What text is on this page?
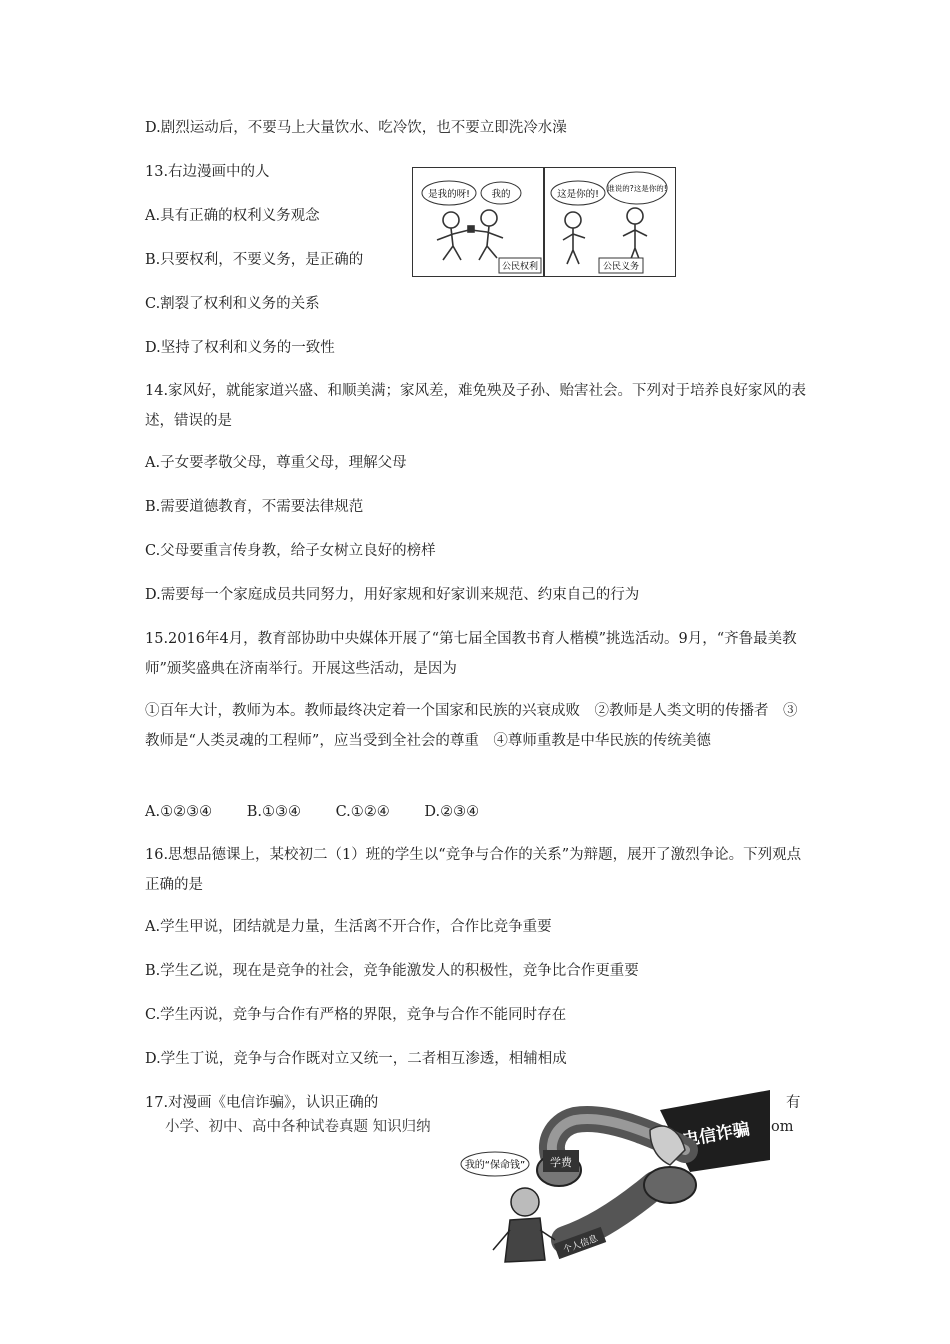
D.剧烈运动后，不要马上大量饮水、吃冷饮，也不要立即洗冷水澡
13.右边漫画中的人
A.具有正确的权利义务观念
B.只要权利，不要义务，是正确的
C.割裂了权利和义务的关系
D.坚持了权利和义务的一致性
是我的呀! 我的
公民权利
这是你的!
谁说的?这是你的!
公民义务
14.家风好，就能家道兴盛、和顺美满；家风差，难免殃及子孙、贻害社会。下列对于培养良好家风的表述，错误的是
A.子女要孝敬父母，尊重父母，理解父母
B.需要道德教育，不需要法律规范
C.父母要重言传身教，给子女树立良好的榜样
D.需要每一个家庭成员共同努力，用好家规和好家训来规范、约束自己的行为
15.2016年4月，教育部协助中央媒体开展了“第七届全国教书育人楷模”挑选活动。9月，“齐鲁最美教师”颁奖盛典在济南举行。开展这些活动，是因为
①百年大计，教师为本。教师最终决定着一个国家和民族的兴衰成败　②教师是人类文明的传播者　③教师是“人类灵魂的工程师”，应当受到全社会的尊重　④尊师重教是中华民族的传统美德
A.①②③④ B.①③④ C.①②④ D.②③④
16.思想品德课上，某校初二（1）班的学生以“竞争与合作的关系”为辩题，展开了激烈争论。下列观点正确的是
A.学生甲说，团结就是力量，生活离不开合作，合作比竞争重要
B.学生乙说，现在是竞争的社会，竞争能激发人的积极性，竞争比合作更重要
C.学生丙说，竞争与合作有严格的界限，竞争与合作不能同时存在
D.学生丁说，竞争与合作既对立又统一，二者相互渗透，相辅相成
17.对漫画《电信诈骗》，认识正确的	有
小学、初中、高中各种试卷真题 知识归纳	om
电信诈骗
我的“保命钱” 学费
个人信息
